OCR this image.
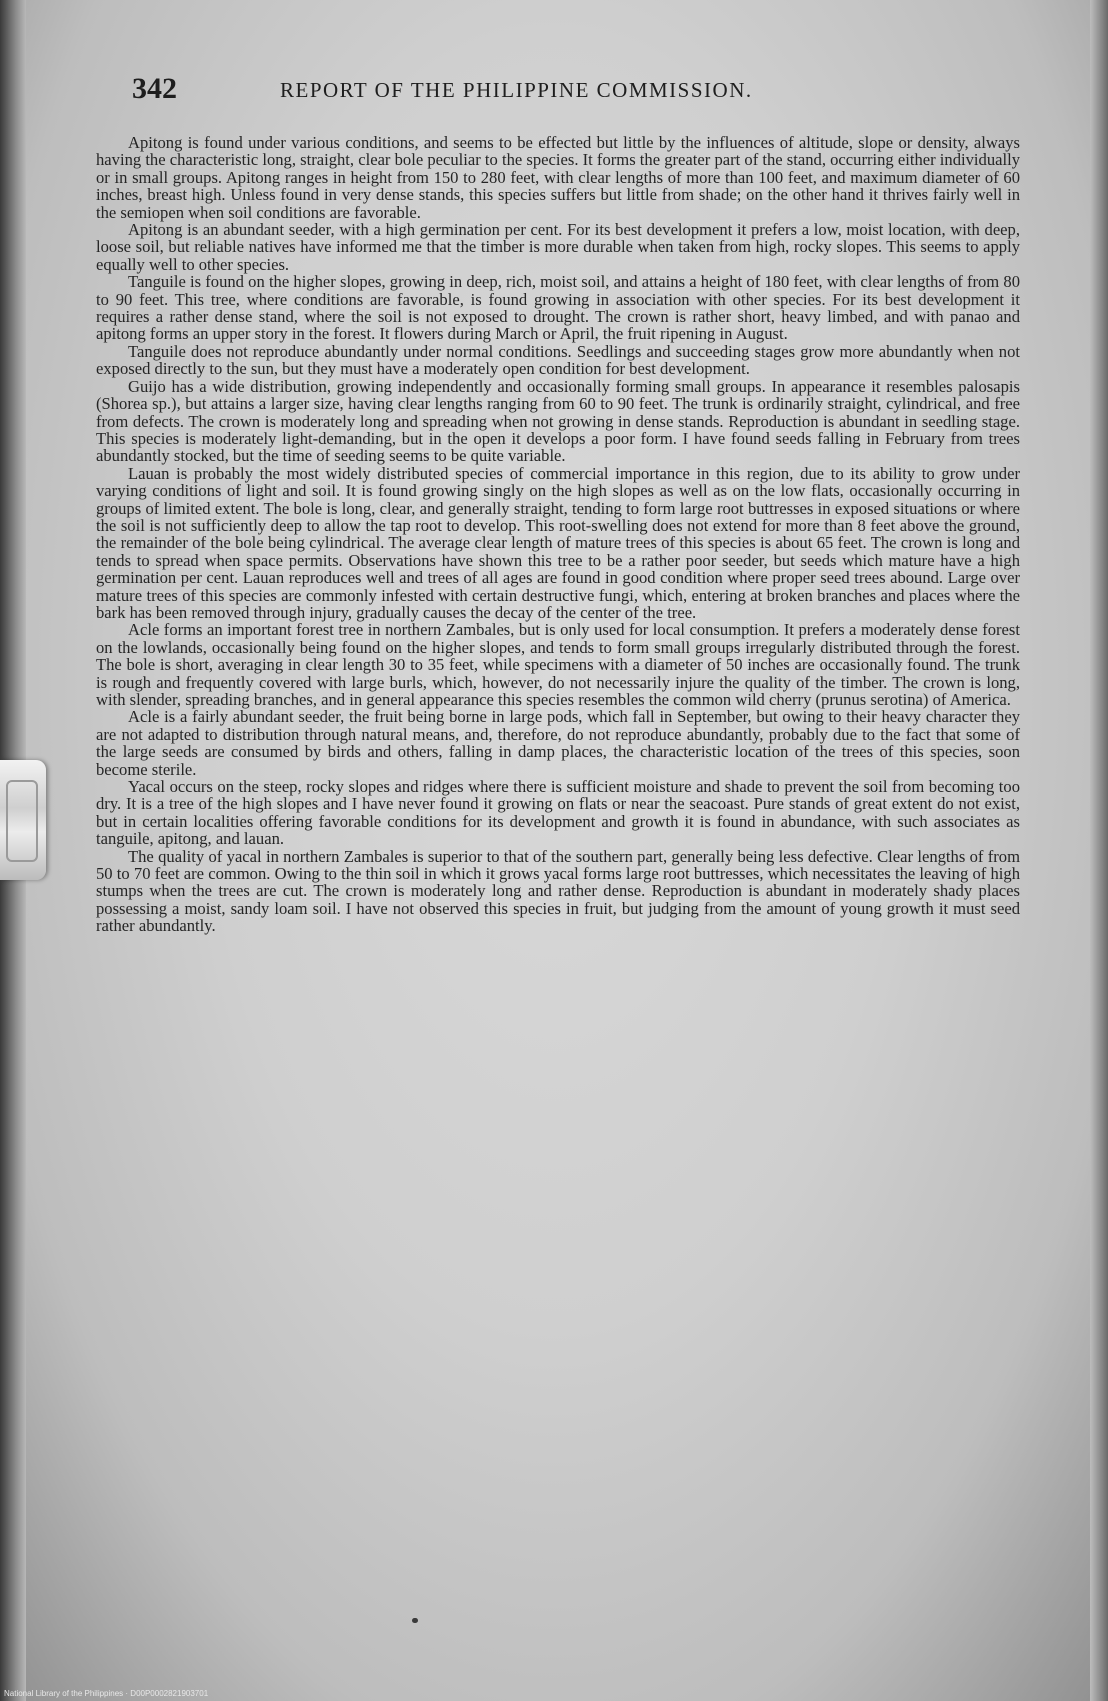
342	REPORT OF THE PHILIPPINE COMMISSION.

Apitong is found under various conditions, and seems to be effected but little by the influences of altitude, slope or density, always having the characteristic long, straight, clear bole peculiar to the species. It forms the greater part of the stand, occurring either individually or in small groups. Apitong ranges in height from 150 to 280 feet, with clear lengths of more than 100 feet, and maximum diameter of 60 inches, breast high. Unless found in very dense stands, this species suffers but little from shade; on the other hand it thrives fairly well in the semiopen when soil conditions are favorable.

Apitong is an abundant seeder, with a high germination per cent. For its best development it prefers a low, moist location, with deep, loose soil, but reliable natives have informed me that the timber is more durable when taken from high, rocky slopes. This seems to apply equally well to other species.

Tanguile is found on the higher slopes, growing in deep, rich, moist soil, and attains a height of 180 feet, with clear lengths of from 80 to 90 feet. This tree, where conditions are favorable, is found growing in association with other species. For its best development it requires a rather dense stand, where the soil is not exposed to drought. The crown is rather short, heavy limbed, and with panao and apitong forms an upper story in the forest. It flowers during March or April, the fruit ripening in August.

Tanguile does not reproduce abundantly under normal conditions. Seedlings and succeeding stages grow more abundantly when not exposed directly to the sun, but they must have a moderately open condition for best development.

Guijo has a wide distribution, growing independently and occasionally forming small groups. In appearance it resembles palosapis (Shorea sp.), but attains a larger size, having clear lengths ranging from 60 to 90 feet. The trunk is ordinarily straight, cylindrical, and free from defects. The crown is moderately long and spreading when not growing in dense stands. Reproduction is abundant in seedling stage. This species is moderately light-demanding, but in the open it develops a poor form. I have found seeds falling in February from trees abundantly stocked, but the time of seeding seems to be quite variable.

Lauan is probably the most widely distributed species of commercial importance in this region, due to its ability to grow under varying conditions of light and soil. It is found growing singly on the high slopes as well as on the low flats, occasionally occurring in groups of limited extent. The bole is long, clear, and generally straight, tending to form large root buttresses in exposed situations or where the soil is not sufficiently deep to allow the tap root to develop. This root-swelling does not extend for more than 8 feet above the ground, the remainder of the bole being cylindrical. The average clear length of mature trees of this species is about 65 feet. The crown is long and tends to spread when space permits. Observations have shown this tree to be a rather poor seeder, but seeds which mature have a high germination per cent. Lauan reproduces well and trees of all ages are found in good condition where proper seed trees abound. Large over mature trees of this species are commonly infested with certain destructive fungi, which, entering at broken branches and places where the bark has been removed through injury, gradually causes the decay of the center of the tree.

Acle forms an important forest tree in northern Zambales, but is only used for local consumption. It prefers a moderately dense forest on the lowlands, occasionally being found on the higher slopes, and tends to form small groups irregularly distributed through the forest. The bole is short, averaging in clear length 30 to 35 feet, while specimens with a diameter of 50 inches are occasionally found. The trunk is rough and frequently covered with large burls, which, however, do not necessarily injure the quality of the timber. The crown is long, with slender, spreading branches, and in general appearance this species resembles the common wild cherry (prunus serotina) of America.

Acle is a fairly abundant seeder, the fruit being borne in large pods, which fall in September, but owing to their heavy character they are not adapted to distribution through natural means, and, therefore, do not reproduce abundantly, probably due to the fact that some of the large seeds are consumed by birds and others, falling in damp places, the characteristic location of the trees of this species, soon become sterile.

Yacal occurs on the steep, rocky slopes and ridges where there is sufficient moisture and shade to prevent the soil from becoming too dry. It is a tree of the high slopes and I have never found it growing on flats or near the seacoast. Pure stands of great extent do not exist, but in certain localities offering favorable conditions for its development and growth it is found in abundance, with such associates as tanguile, apitong, and lauan.

The quality of yacal in northern Zambales is superior to that of the southern part, generally being less defective. Clear lengths of from 50 to 70 feet are common. Owing to the thin soil in which it grows yacal forms large root buttresses, which necessitates the leaving of high stumps when the trees are cut. The crown is moderately long and rather dense. Reproduction is abundant in moderately shady places possessing a moist, sandy loam soil. I have not observed this species in fruit, but judging from the amount of young growth it must seed rather abundantly.

National Library of the Philippines · D00P0002821903701
